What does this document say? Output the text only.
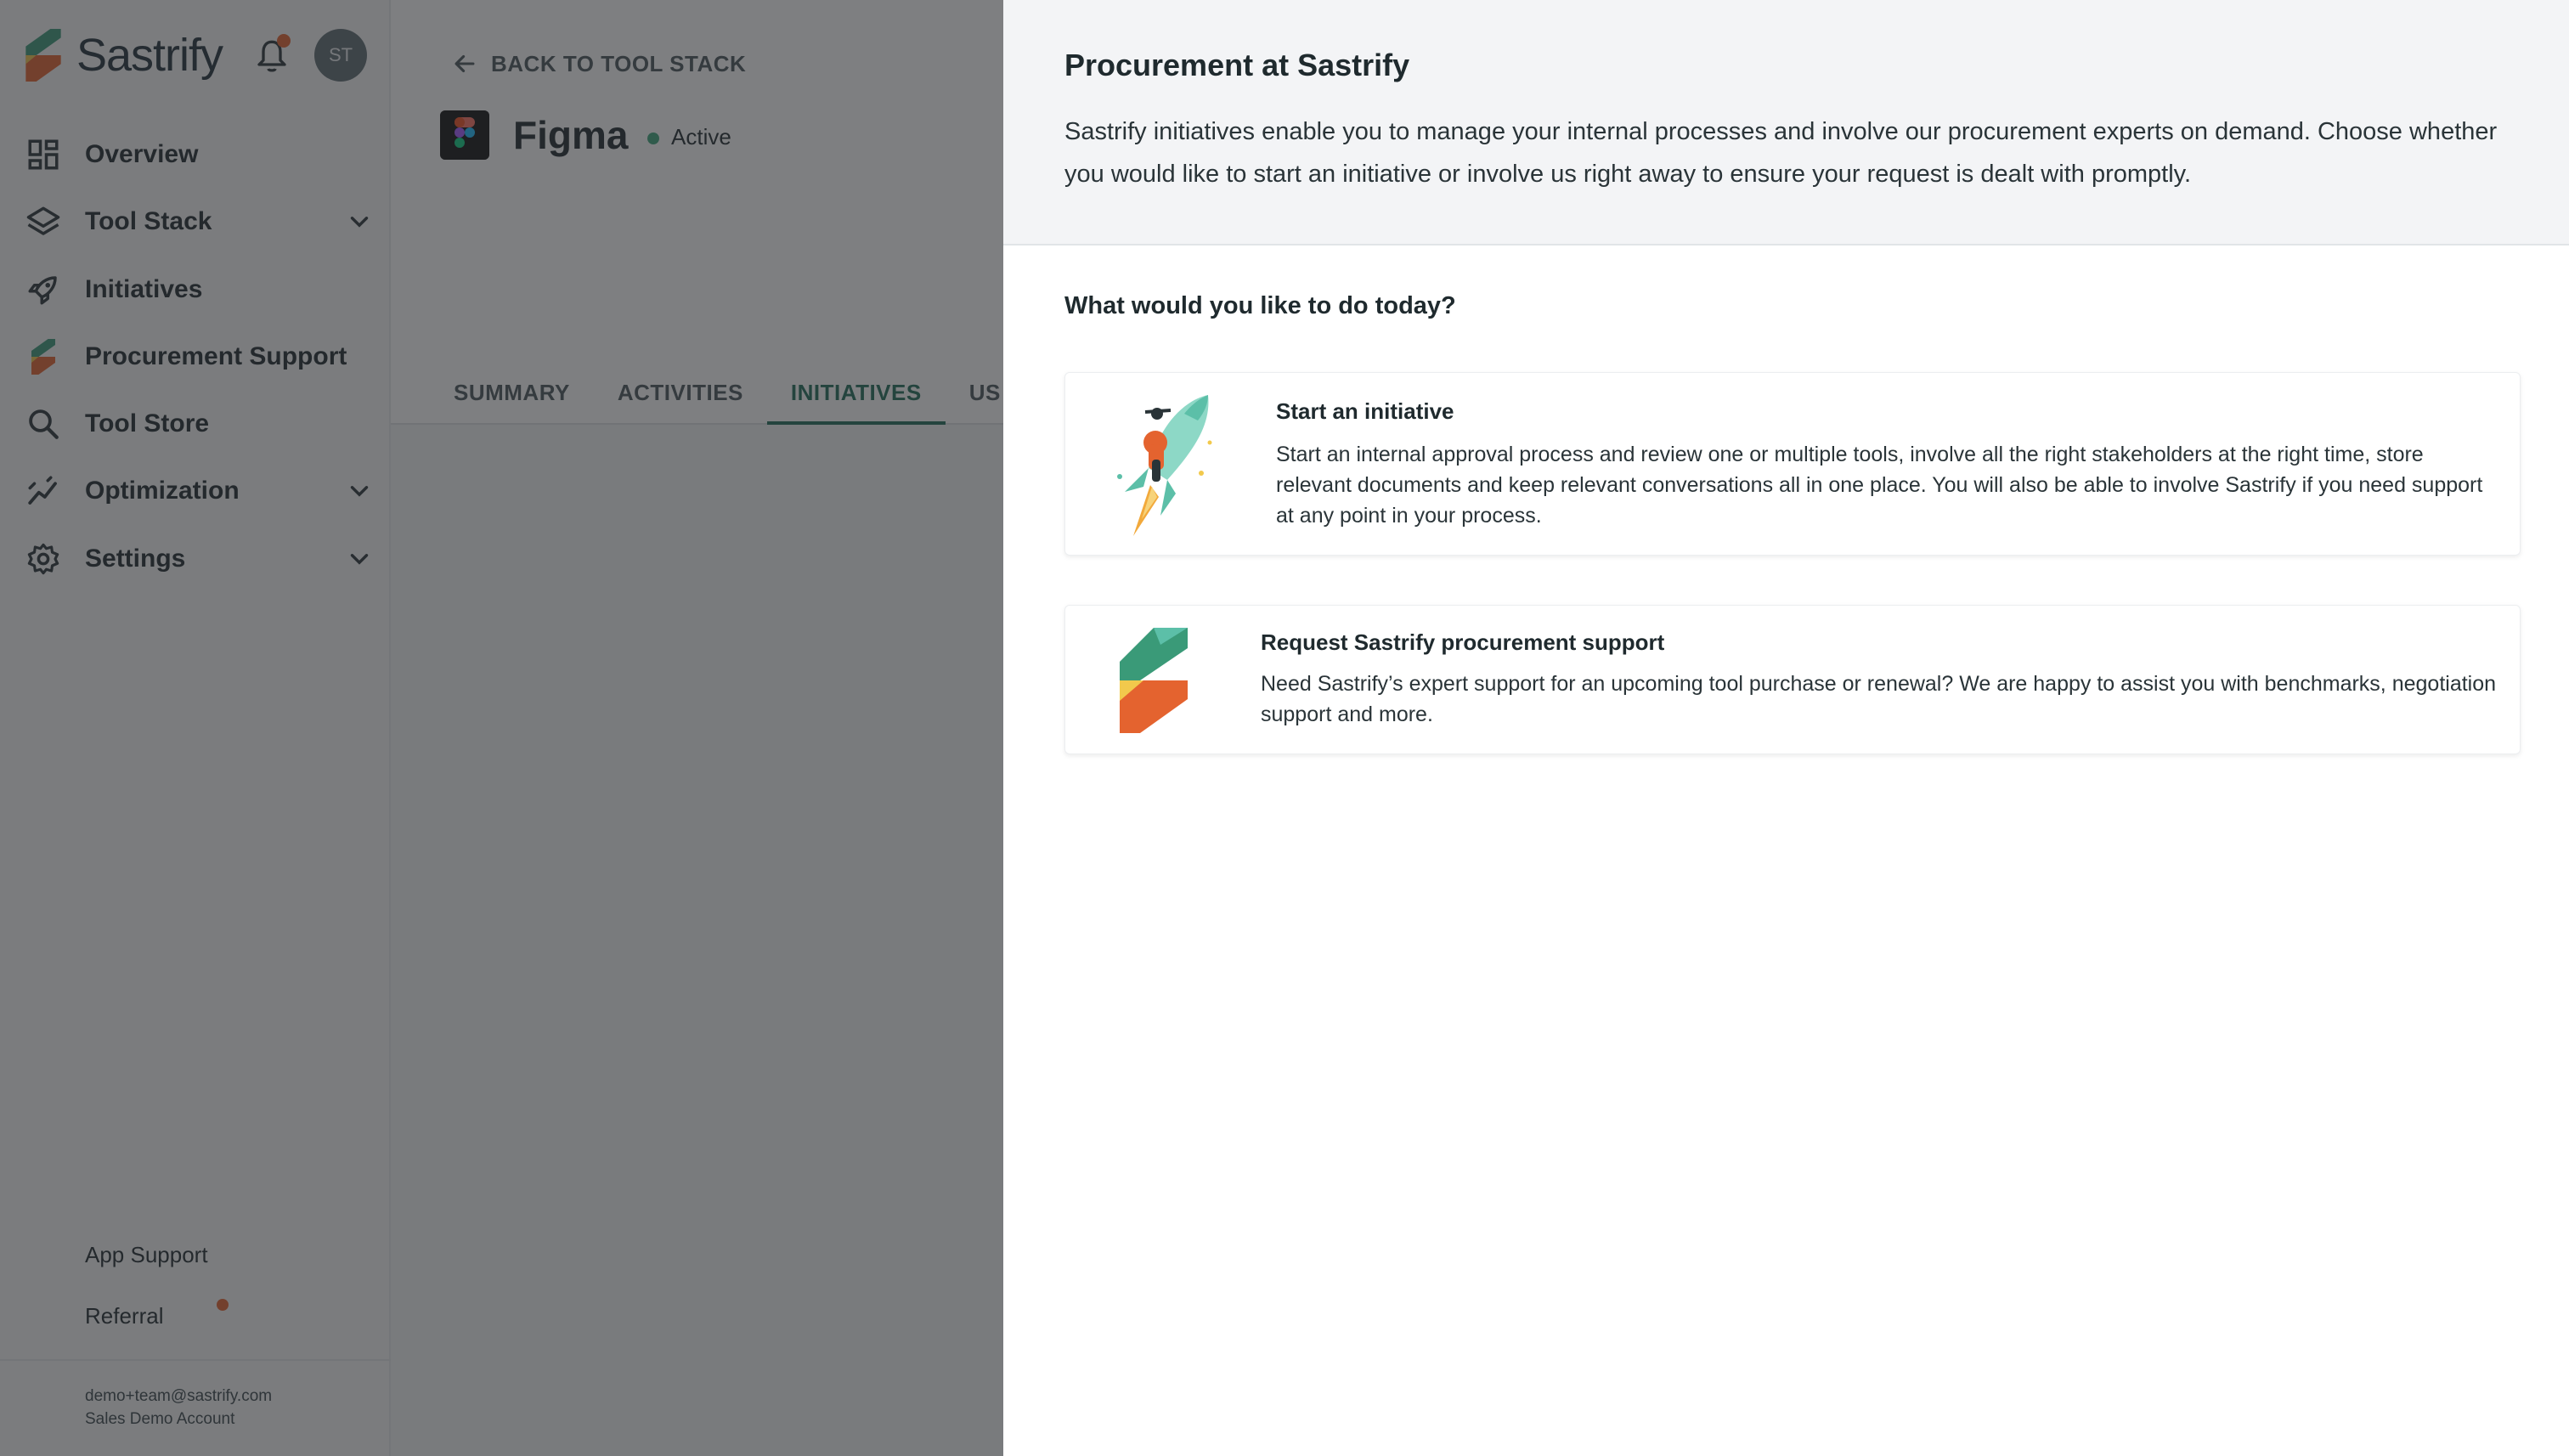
Procurement at Sastrify
Sastrify initiatives enable you to manage your internal processes and involve our procurement experts on demand. Choose whether you would like to start an initiative or involve us right away to ensure your request is dealt with promptly.
What would you like to do today?
Start an initiative
Start an internal approval process and review one or multiple tools, involve all the right stakeholders at the right time, store relevant documents and keep relevant conversations all in one place. You will also be able to involve Sastrify if you need support at any point in your process.
Request Sastrify procurement support
Need Sastrify’s expert support for an upcoming tool purchase or renewal? We are happy to assist you with benchmarks, negotiation support and more.
